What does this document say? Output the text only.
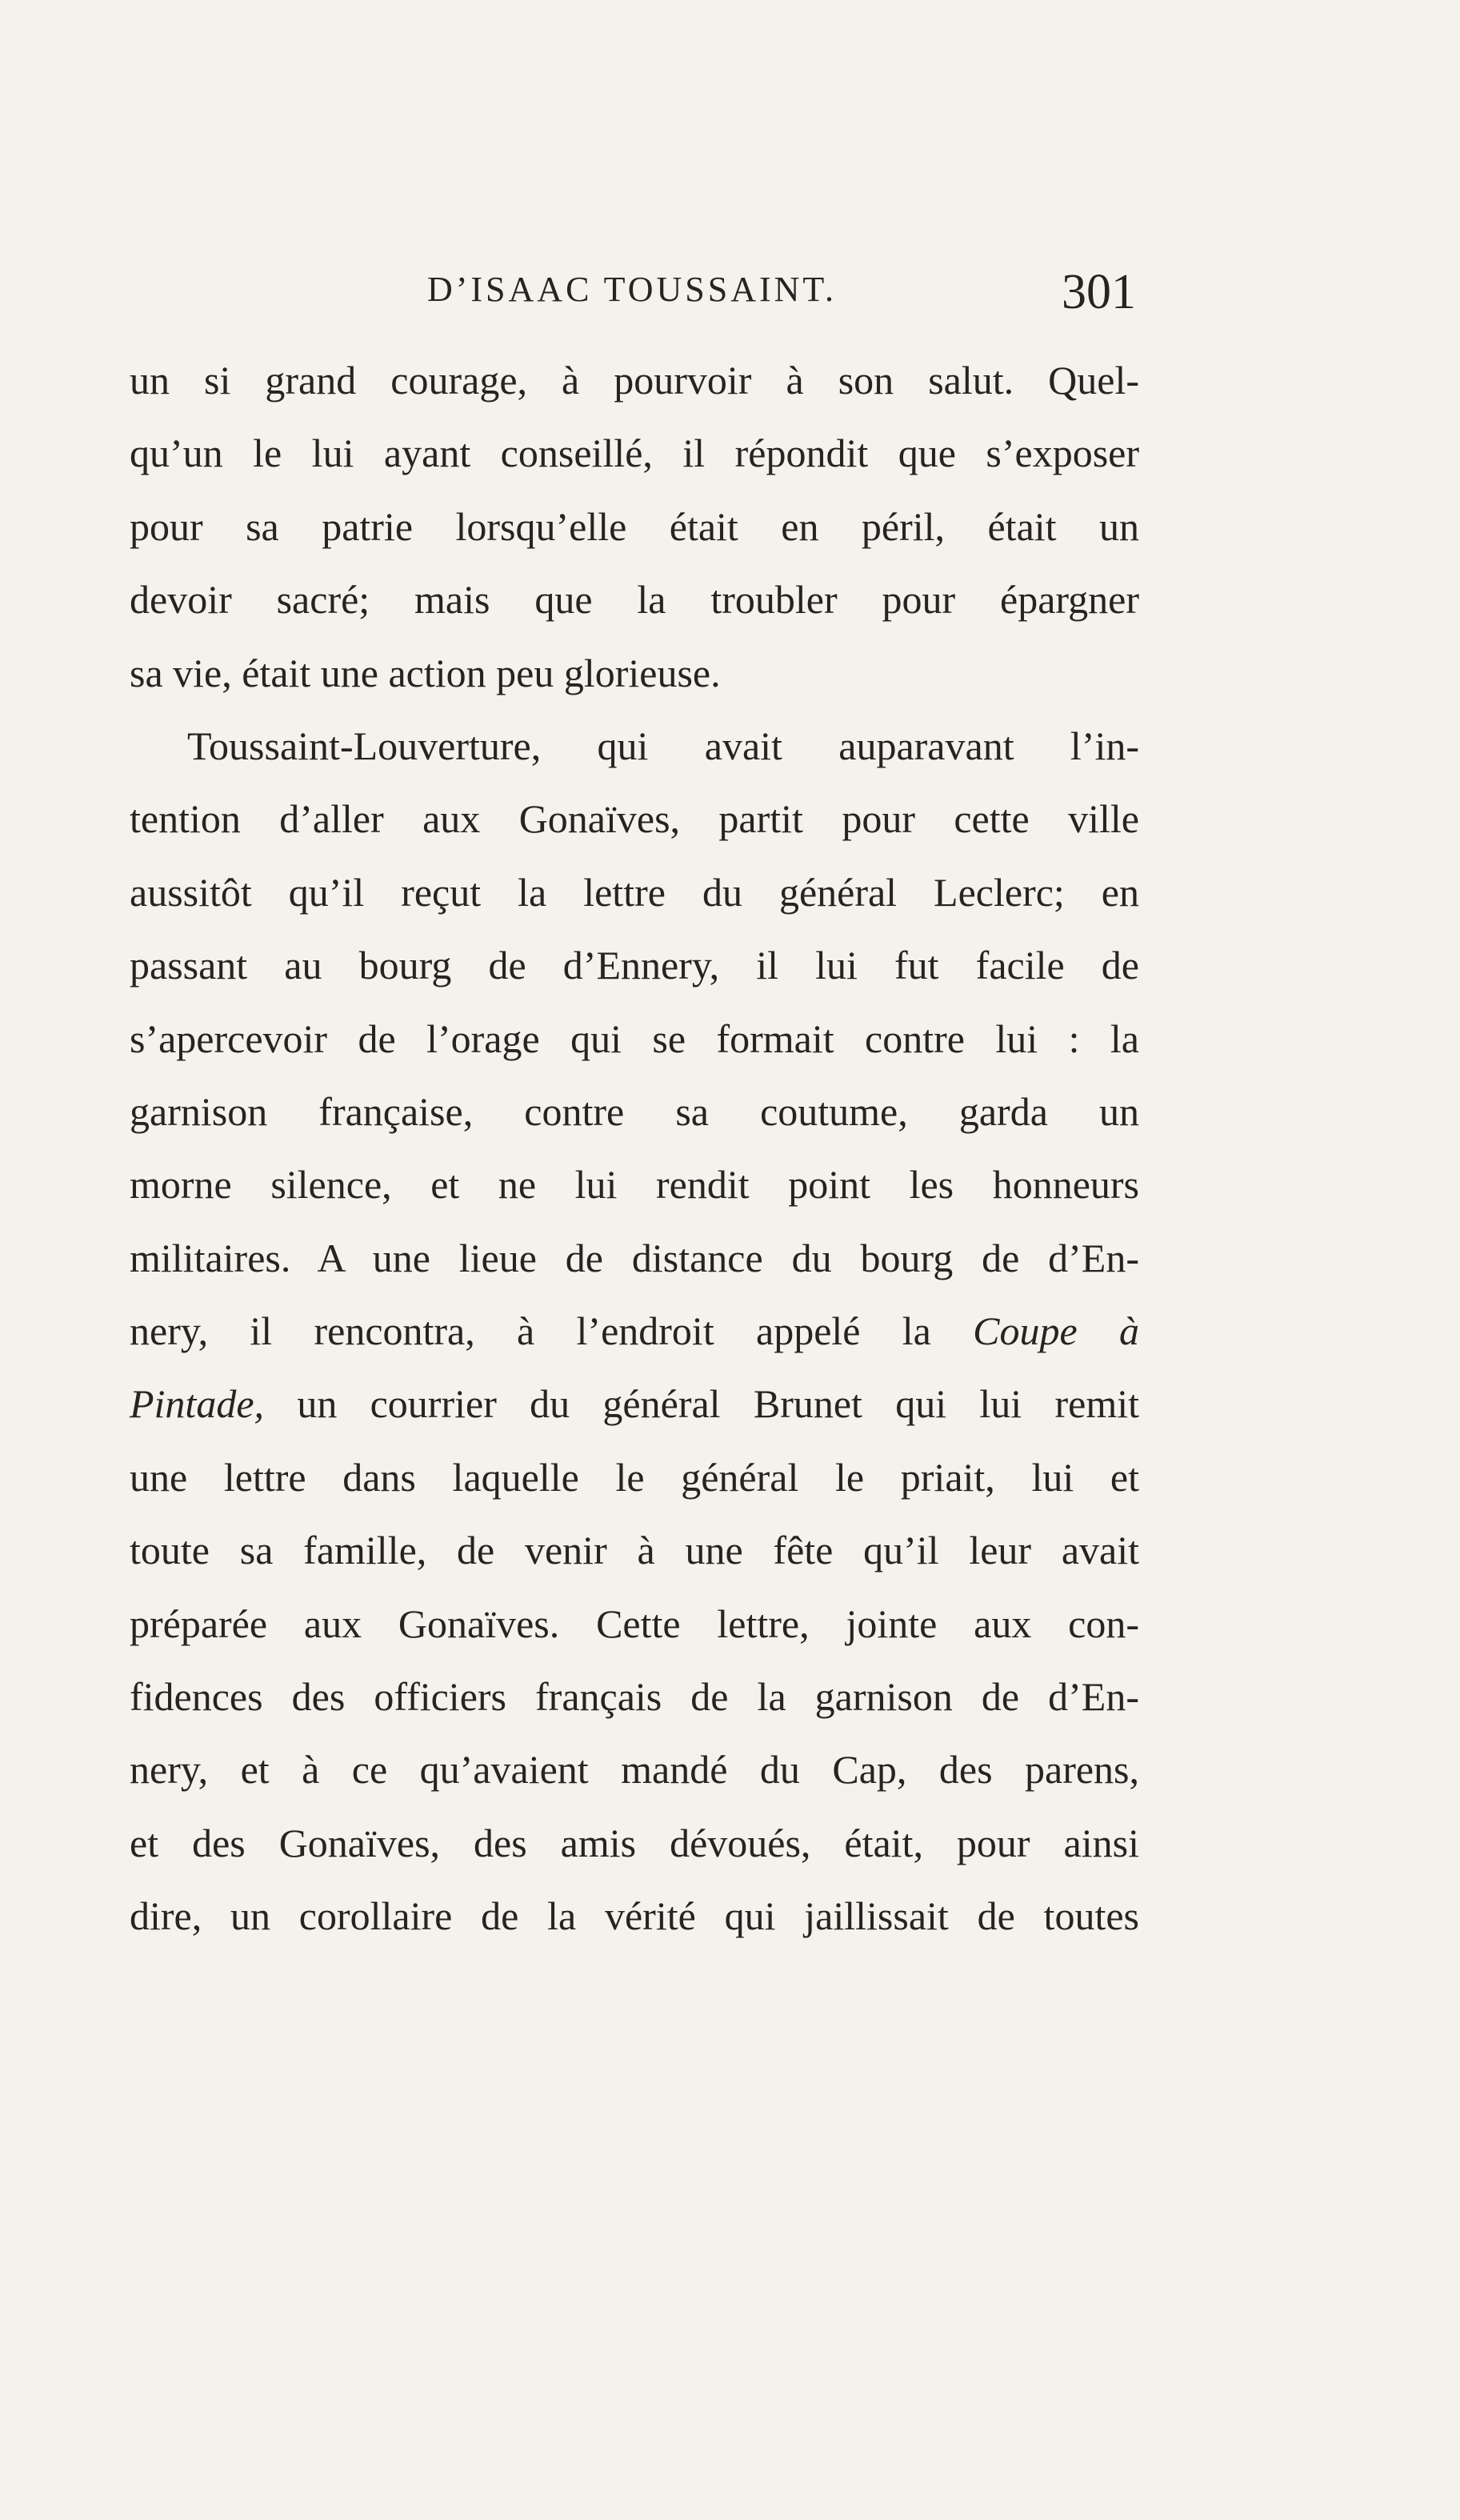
D’ISAAC TOUSSAINT.	301
un si grand courage, à pourvoir à son salut. Quel-
qu’un le lui ayant conseillé, il répondit que s’exposer
pour sa patrie lorsqu’elle était en péril, était un
devoir sacré; mais que la troubler pour épargner
sa vie, était une action peu glorieuse.
Toussaint-Louverture, qui avait auparavant l’in-
tention d’aller aux Gonaïves, partit pour cette ville
aussitôt qu’il reçut la lettre du général Leclerc; en
passant au bourg de d’Ennery, il lui fut facile de
s’apercevoir de l’orage qui se formait contre lui : la
garnison française, contre sa coutume, garda un
morne silence, et ne lui rendit point les honneurs
militaires. A une lieue de distance du bourg de d’En-
nery, il rencontra, à l’endroit appelé la Coupe à
Pintade, un courrier du général Brunet qui lui remit
une lettre dans laquelle le général le priait, lui et
toute sa famille, de venir à une fête qu’il leur avait
préparée aux Gonaïves. Cette lettre, jointe aux con-
fidences des officiers français de la garnison de d’En-
nery, et à ce qu’avaient mandé du Cap, des parens,
et des Gonaïves, des amis dévoués, était, pour ainsi
dire, un corollaire de la vérité qui jaillissait de toutes
